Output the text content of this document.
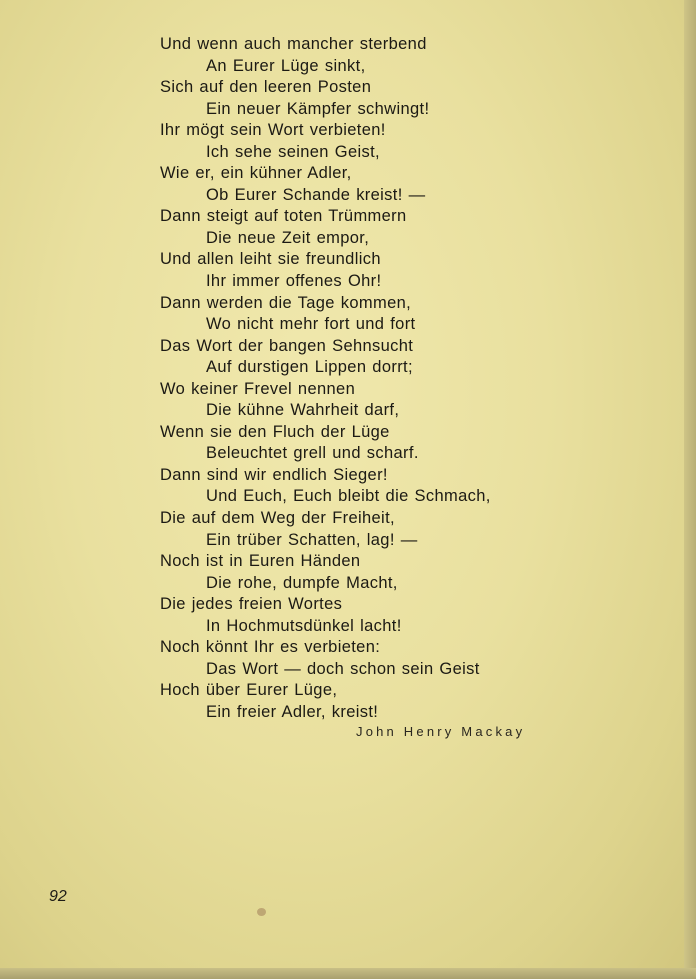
Und wenn auch mancher sterbend
An Eurer Lüge sinkt,
Sich auf den leeren Posten
Ein neuer Kämpfer schwingt!
Ihr mögt sein Wort verbieten!
Ich sehe seinen Geist,
Wie er, ein kühner Adler,
Ob Eurer Schande kreist! —
Dann steigt auf toten Trümmern
Die neue Zeit empor,
Und allen leiht sie freundlich
Ihr immer offenes Ohr!
Dann werden die Tage kommen,
Wo nicht mehr fort und fort
Das Wort der bangen Sehnsucht
Auf durstigen Lippen dorrt;
Wo keiner Frevel nennen
Die kühne Wahrheit darf,
Wenn sie den Fluch der Lüge
Beleuchtet grell und scharf.
Dann sind wir endlich Sieger!
Und Euch, Euch bleibt die Schmach,
Die auf dem Weg der Freiheit,
Ein trüber Schatten, lag! —
Noch ist in Euren Händen
Die rohe, dumpfe Macht,
Die jedes freien Wortes
In Hochmutsdünkel lacht!
Noch könnt Ihr es verbieten:
Das Wort — doch schon sein Geist
Hoch über Eurer Lüge,
Ein freier Adler, kreist!
John Henry Mackay
92
